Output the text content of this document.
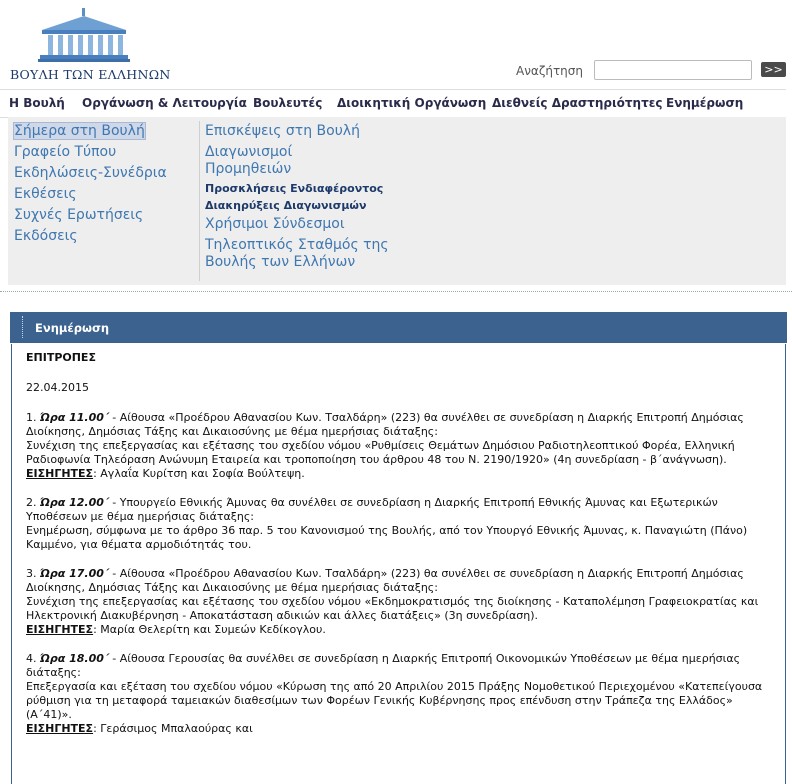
ΒΟΥΛΗ ΤΩΝ ΕΛΛΗΝΩΝ	Αναζήτηση	>>
Η Βουλή Οργάνωση & Λειτουργία Βουλευτές Διοικητική Οργάνωση Διεθνείς Δραστηριότητες Ενημέρωση
Σήμερα στη Βουλή
Γραφείο Τύπου
Εκδηλώσεις-Συνέδρια
Εκθέσεις
Συχνές Ερωτήσεις
Εκδόσεις
Επισκέψεις στη Βουλή
Διαγωνισμοί
Προμηθειών
Προσκλήσεις Ενδιαφέροντος
Διακηρύξεις Διαγωνισμών
Χρήσιμοι Σύνδεσμοι
Τηλεοπτικός Σταθμός της
Βουλής των Ελλήνων
Ενημέρωση

ΕΠΙΤΡΟΠΕΣ

22.04.2015

1. Ώρα 11.00΄ - Αίθουσα «Προέδρου Αθανασίου Κων. Τσαλδάρη» (223) θα συνέλθει σε συνεδρίαση η Διαρκής Επιτροπή Δημόσιας Διοίκησης, Δημόσιας Τάξης και Δικαιοσύνης με θέμα ημερήσιας διάταξης:

Συνέχιση της επεξεργασίας και εξέτασης του σχεδίου νόμου «Ρυθμίσεις Θεμάτων Δημόσιου Ραδιοτηλεοπτικού Φορέα, Ελληνική Ραδιοφωνία Τηλεόραση Ανώνυμη Εταιρεία και τροποποίηση του άρθρου 48 του Ν. 2190/1920» (4η συνεδρίαση - β΄ανάγνωση).

ΕΙΣΗΓΗΤΕΣ: Αγλαΐα Κυρίτση και Σοφία Βούλτεψη.

2. Ώρα 12.00΄ - Υπουργείο Εθνικής Άμυνας θα συνέλθει σε συνεδρίαση η Διαρκής Επιτροπή Εθνικής Άμυνας και Εξωτερικών Υποθέσεων με θέμα ημερήσιας διάταξης:

Ενημέρωση, σύμφωνα με το άρθρο 36 παρ. 5 του Κανονισμού της Βουλής, από τον Υπουργό Εθνικής Άμυνας, κ. Παναγιώτη (Πάνο) Καμμένο, για θέματα αρμοδιότητάς του.

3. Ώρα 17.00΄ - Αίθουσα «Προέδρου Αθανασίου Κων. Τσαλδάρη» (223) θα συνέλθει σε συνεδρίαση η Διαρκής Επιτροπή Δημόσιας Διοίκησης, Δημόσιας Τάξης και Δικαιοσύνης με θέμα ημερήσιας διάταξης:

Συνέχιση της επεξεργασίας και εξέτασης του σχεδίου νόμου «Εκδημοκρατισμός της διοίκησης - Καταπολέμηση Γραφειοκρατίας και Ηλεκτρονική Διακυβέρνηση - Αποκατάσταση αδικιών και άλλες διατάξεις» (3η συνεδρίαση).

ΕΙΣΗΓΗΤΕΣ: Μαρία Θελερίτη και Συμεών Κεδίκογλου.

4. Ώρα 18.00΄ - Αίθουσα Γερουσίας θα συνέλθει σε συνεδρίαση η Διαρκής Επιτροπή Οικονομικών Υποθέσεων με θέμα ημερήσιας διάταξης:

Επεξεργασία και εξέταση του σχεδίου νόμου «Κύρωση της από 20 Απριλίου 2015 Πράξης Νομοθετικού Περιεχομένου «Κατεπείγουσα ρύθμιση για τη μεταφορά ταμειακών διαθεσίμων των Φορέων Γενικής Κυβέρνησης προς επένδυση στην Τράπεζα της Ελλάδος» (Α΄41)».

ΕΙΣΗΓΗΤΕΣ: Γεράσιμος Μπαλαούρας και
